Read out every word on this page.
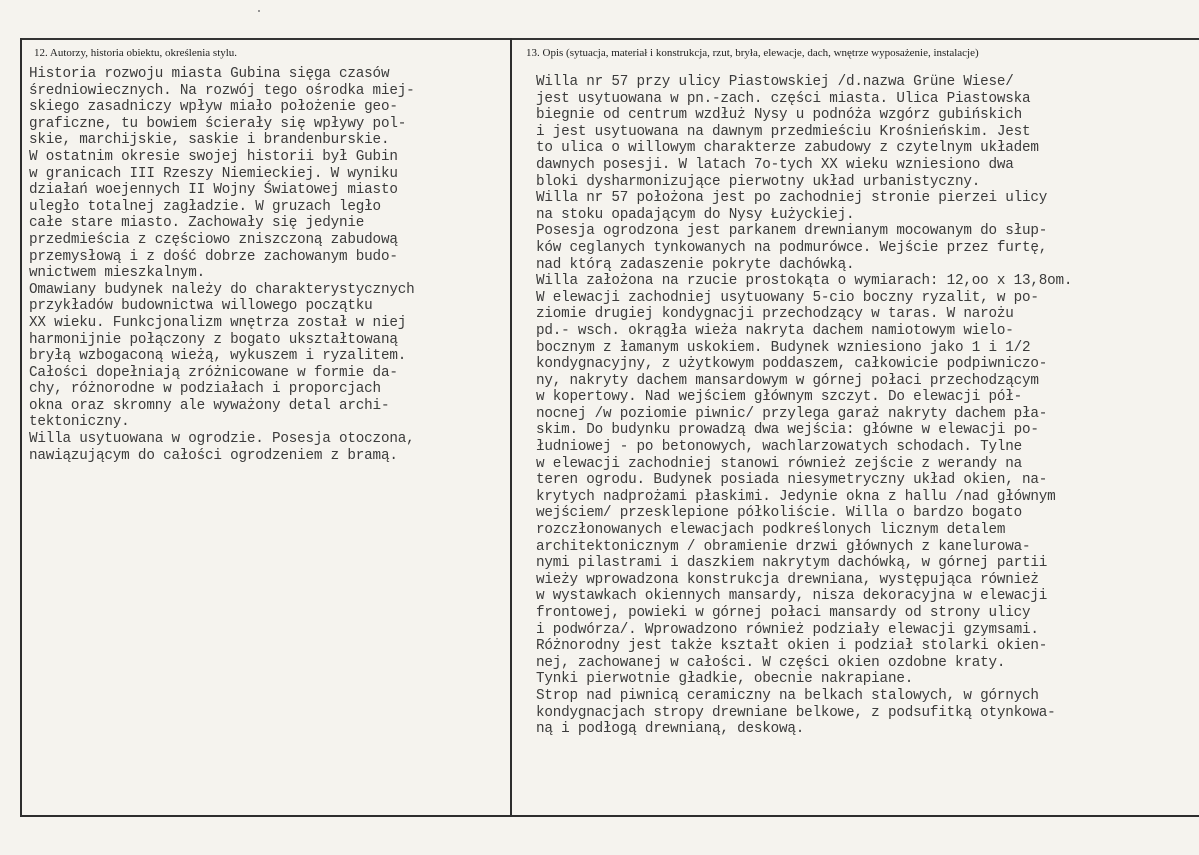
12. Autorzy, historia obiektu, określenia stylu.	13. Opis (sytuacja, materiał i konstrukcja, rzut, bryła, elewacje, dach, wnętrze wyposażenie, instalacje)
Historia rozwoju miasta Gubina sięga czasów
średniowiecznych. Na rozwój tego ośrodka miej-
skiego zasadniczy wpływ miało położenie geo-
graficzne, tu bowiem ścierały się wpływy pol-
skie, marchijskie, saskie i brandenburskie.
W ostatnim okresie swojej historii był Gubin
w granicach III Rzeszy Niemieckiej. W wyniku
działań woejennych II Wojny Światowej miasto
uległo totalnej zagładzie. W gruzach legło
całe stare miasto. Zachowały się jedynie
przedmieścia z częściowo zniszczoną zabudową
przemysłową i z dość dobrze zachowanym budo-
wnictwem mieszkalnym.
Omawiany budynek należy do charakterystycznych
przykładów budownictwa willowego początku
XX wieku. Funkcjonalizm wnętrza został w niej
harmonijnie połączony z bogato ukształtowaną
bryłą wzbogaconą wieżą, wykuszem i ryzalitem.
Całości dopełniają zróżnicowane w formie da-
chy, różnorodne w podziałach i proporcjach
okna oraz skromny ale wyważony detal archi-
tektoniczny.
Willa usytuowana w ogrodzie. Posesja otoczona,
nawiązującym do całości ogrodzeniem z bramą.
Willa nr 57 przy ulicy Piastowskiej /d.nazwa Grüne Wiese/
jest usytuowana w pn.-zach. części miasta. Ulica Piastowska
biegnie od centrum wzdłuż Nysy u podnóża wzgórz gubińskich
i jest usytuowana na dawnym przedmieściu Krośnieńskim. Jest
to ulica o willowym charakterze zabudowy z czytelnym układem
dawnych posesji. W latach 7o-tych XX wieku wzniesiono dwa
bloki dysharmonizujące pierwotny układ urbanistyczny.
Willa nr 57 położona jest po zachodniej stronie pierzei ulicy
na stoku opadającym do Nysy Łużyckiej.
Posesja ogrodzona jest parkanem drewnianym mocowanym do słup-
ków ceglanych tynkowanych na podmurówce. Wejście przez furtę,
nad którą zadaszenie pokryte dachówką.
Willa założona na rzucie prostokąta o wymiarach: 12,oo x 13,8om.
W elewacji zachodniej usytuowany 5-cio boczny ryzalit, w po-
ziomie drugiej kondygnacji przechodzący w taras. W narożu
pd.- wsch. okrągła wieża nakryta dachem namiotowym wielo-
bocznym z łamanym uskokiem. Budynek wzniesiono jako 1 i 1/2
kondygnacyjny, z użytkowym poddaszem, całkowicie podpiwniczo-
ny, nakryty dachem mansardowym w górnej połaci przechodzącym
w kopertowy. Nad wejściem głównym szczyt. Do elewacji pół-
nocnej /w poziomie piwnic/ przylega garaż nakryty dachem pła-
skim. Do budynku prowadzą dwa wejścia: główne w elewacji po-
łudniowej - po betonowych, wachlarzowatych schodach. Tylne
w elewacji zachodniej stanowi również zejście z werandy na
teren ogrodu. Budynek posiada niesymetryczny układ okien, na-
krytych nadprożami płaskimi. Jedynie okna z hallu /nad głównym
wejściem/ przesklepione półkoliście. Willa o bardzo bogato
rozczłonowanych elewacjach podkreślonych licznym detalem
architektonicznym / obramienie drzwi głównych z kanelurowa-
nymi pilastrami i daszkiem nakrytym dachówką, w górnej partii
wieży wprowadzona konstrukcja drewniana, występująca również
w wystawkach okiennych mansardy, nisza dekoracyjna w elewacji
frontowej, powieki w górnej połaci mansardy od strony ulicy
i podwórza/. Wprowadzono również podziały elewacji gzymsami.
Różnorodny jest także kształt okien i podział stolarki okien-
nej, zachowanej w całości. W części okien ozdobne kraty.
Tynki pierwotnie gładkie, obecnie nakrapiane.
Strop nad piwnicą ceramiczny na belkach stalowych, w górnych
kondygnacjach stropy drewniane belkowe, z podsufitką otynkowa-
ną i podłogą drewnianą, deskową.
